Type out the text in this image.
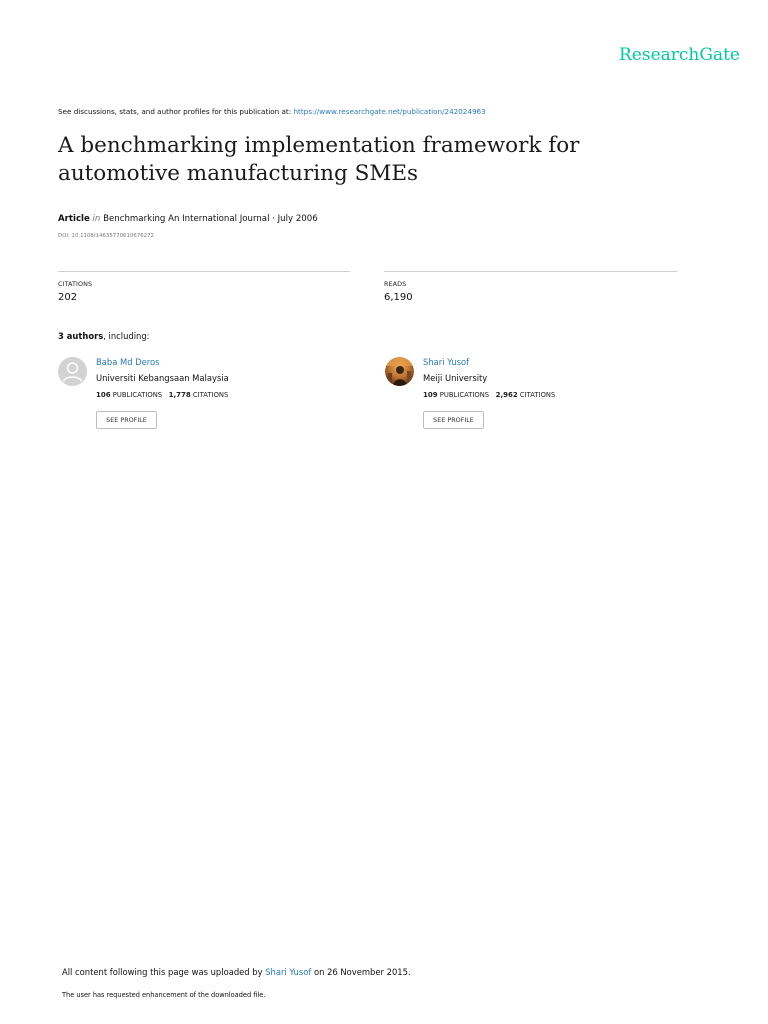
ResearchGate
See discussions, stats, and author profiles for this publication at: https://www.researchgate.net/publication/242024963
A benchmarking implementation framework for automotive manufacturing SMEs
Article in Benchmarking An International Journal · July 2006
DOI: 10.1108/14635770610676272
CITATIONS
202
READS
6,190
3 authors, including:
Baba Md Deros
Universiti Kebangsaan Malaysia
106 PUBLICATIONS 1,778 CITATIONS
SEE PROFILE
Shari Yusof
Meiji University
109 PUBLICATIONS 2,962 CITATIONS
SEE PROFILE
All content following this page was uploaded by Shari Yusof on 26 November 2015.
The user has requested enhancement of the downloaded file.
